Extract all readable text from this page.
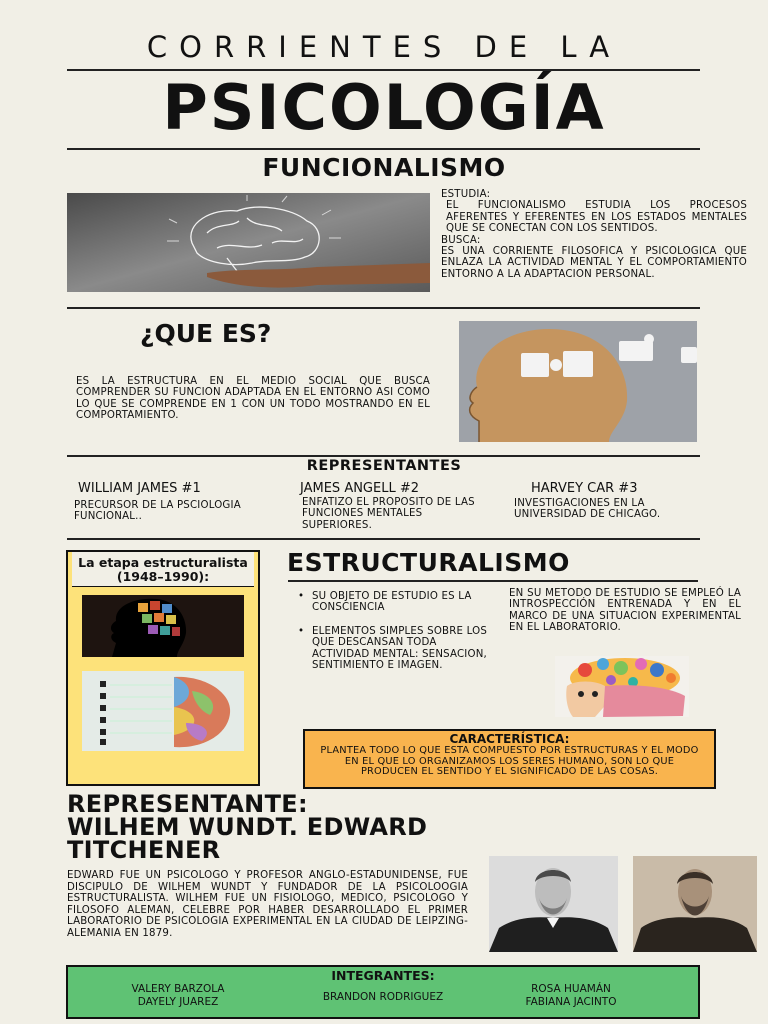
CORRIENTES DE LA
PSICOLOGÍA
FUNCIONALISMO
ESTUDIA:
EL FUNCIONALISMO ESTUDIA LOS PROCESOS AFERENTES Y EFERENTES EN LOS ESTADOS MENTALES QUE SE CONECTAN CON LOS SENTIDOS.
BUSCA:
ES UNA CORRIENTE FILOSOFICA Y PSICOLOGICA QUE ENLAZA LA ACTIVIDAD MENTAL Y EL COMPORTAMIENTO ENTORNO A LA ADAPTACION PERSONAL.
¿QUE ES?
ES LA ESTRUCTURA EN EL MEDIO SOCIAL QUE BUSCA COMPRENDER SU FUNCION ADAPTADA EN EL ENTORNO ASI COMO LO QUE SE COMPRENDE EN 1 CON UN TODO MOSTRANDO EN EL COMPORTAMIENTO.
REPRESENTANTES
WILLIAM JAMES #1
PRECURSOR DE LA PSCIOLOGIA FUNCIONAL..
JAMES ANGELL #2
ENFATIZO EL PROPOSITO DE LAS FUNCIONES MENTALES SUPERIORES.
HARVEY CAR #3
INVESTIGACIONES EN LA UNIVERSIDAD DE CHICAGO.
La etapa estructuralista (1948–1990):	ESTRUCTURALISMO
• SU OBJETO DE ESTUDIO ES LA CONSCIENCIA
• ELEMENTOS SIMPLES SOBRE LOS QUE DESCANSAN TODA ACTIVIDAD MENTAL: SENSACION, SENTIMIENTO E IMAGEN.
EN SU METODO DE ESTUDIO SE EMPLEÓ LA INTROSPECCIÓN ENTRENADA Y EN EL MARCO DE UNA SITUACION EXPERIMENTAL EN EL LABORATORIO.
CARACTERÍSTICA:
PLANTEA TODO LO QUE ESTA COMPUESTO POR ESTRUCTURAS Y EL MODO EN EL QUE LO ORGANIZAMOS LOS SERES HUMANO, SON LO QUE PRODUCEN EL SENTIDO Y EL SIGNIFICADO DE LAS COSAS.
REPRESENTANTE:
WILHEM WUNDT. EDWARD
TITCHENER
EDWARD FUE UN PSICOLOGO Y PROFESOR ANGLO-ESTADUNIDENSE, FUE DISCIPULO DE WILHEM WUNDT Y FUNDADOR DE LA PSICOLOOGIA ESTRUCTURALISTA. WILHEM FUE UN FISIOLOGO, MEDICO, PSICOLOGO Y FILOSOFO ALEMAN, CELEBRE POR HABER DESARROLLADO EL PRIMER LABORATORIO DE PSICOLOGIA EXPERIMENTAL EN LA CIUDAD DE LEIPZING-ALEMANIA EN 1879.
INTEGRANTES:
VALERY BARZOLA
DAYELY JUAREZ	BRANDON RODRIGUEZ
ROSA HUAMÁN
FABIANA JACINTO
